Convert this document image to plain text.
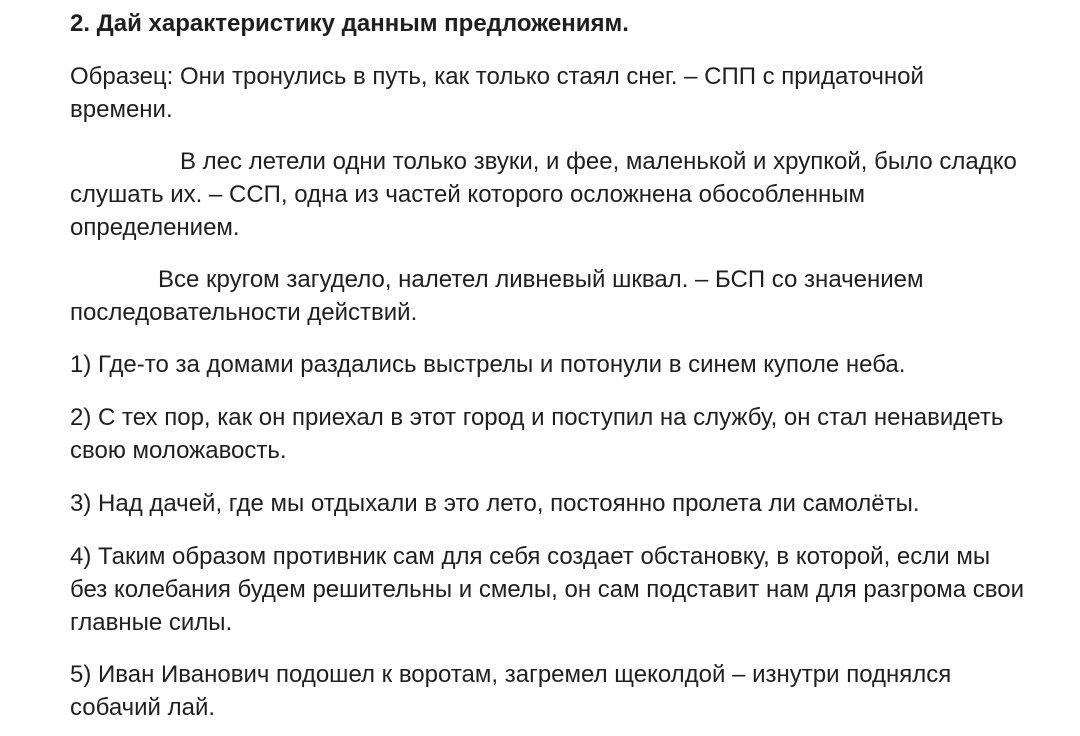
2. Дай характеристику данным предложениям.

Образец: Они тронулись в путь, как только стаял снег. – СПП с придаточной времени.

В лес летели одни только звуки, и фее, маленькой и хрупкой, было сладко слушать их. – ССП, одна из частей которого осложнена обособленным определением.

Все кругом загудело, налетел ливневый шквал. – БСП со значением последовательности действий.

1) Где-то за домами раздались выстрелы и потонули в синем куполе неба.

2) С тех пор, как он приехал в этот город и поступил на службу, он стал ненавидеть свою моложавость.

3) Над дачей, где мы отдыхали в это лето, постоянно пролета ли самолёты.

4) Таким образом противник сам для себя создает обстановку, в которой, если мы без колебания будем решительны и смелы, он сам подставит нам для разгрома свои главные силы.

5) Иван Иванович подошел к воротам, загремел щеколдой – изнутри поднялся собачий лай.
